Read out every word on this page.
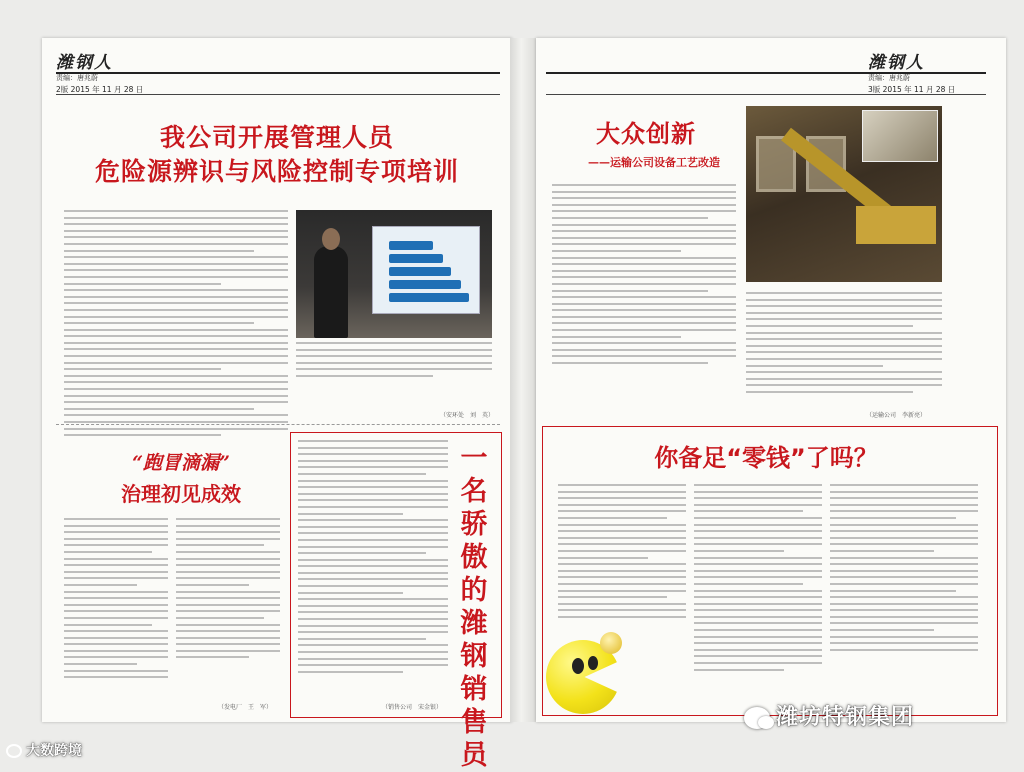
潍钢人
责编：唐兆蔚
2版 2015 年 11 月 28 日
我公司开展管理人员
危险源辨识与风险控制专项培训
（安环处　刘　英）
“跑冒滴漏”
治理初见成效
（发电厂　王　军）
一名骄傲的潍钢销售员
（销售公司　宋金银）
潍钢人
责编：唐兆蔚
3版 2015 年 11 月 28 日
大众创新
——运输公司设备工艺改造
（运输公司　李新亮）
你备足“零钱”了吗？
大数跨境
潍坊特钢集团
